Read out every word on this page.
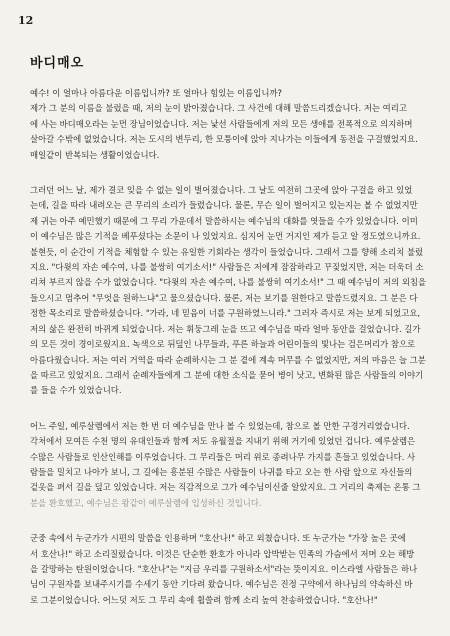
12
바디매오

예수! 이 얼마나 아름다운 이름입니까? 또 얼마나 힘있는 이름입니까?
제가 그 분의 이름을 불렀을 때, 저의 눈이 밝아졌습니다. 그 사건에 대해 말씀드리겠습니다. 저는 여리고
에 사는 바디매오라는 눈먼 장님이었습니다. 저는 낯선 사람들에게 저의 모든 생애를 전폭적으로 의지하며
살아갈 수밖에 없었습니다. 저는 도시의 변두리, 한 모퉁이에 앉아 지나가는 이들에게 동전을 구걸했었지요.
매일같이 반복되는 생활이었습니다.

그러던 어느 날, 제가 결코 잊을 수 없는 일이 벌어졌습니다. 그 날도 여전히 그곳에 앉아 구걸을 하고 있었
는데, 길을 따라 내려오는 큰 무리의 소리가 들렸습니다. 물론, 무슨 일이 벌어지고 있는지는 볼 수 없었지만
제 귀는 아주 예민했기 때문에 그 무리 가운데서 말씀하시는 예수님의 대화를 엿들을 수가 있었습니다. 이미
이 예수님은 많은 기적을 베푸셨다는 소문이 나 있었지요. 심지어 눈먼 거지인 제가 듣고 알 정도였으니까요.
불현듯, 이 순간이 기적을 체험할 수 있는 유일한 기회라는 생각이 들었습니다. 그래서 그를 향해 소리치 불렀
지요. "다윗의 자손 예수여, 나를 불쌍히 여기소서!" 사람들은 저에게 잠잠하라고 꾸짖었지만, 저는 더욱더 소
리쳐 부르지 않을 수가 없었습니다. "다윗의 자손 예수여, 나를 불쌍히 여기소서!" 그 때 예수님이 저의 외침을
들으시고 멈추어 "무엇을 원하느냐"고 물으셨습니다. 물론, 저는 보기를 원한다고 말씀드렸지요. 그 분은 다
정한 목소리로 말씀하셨습니다. "가라, 네 믿음이 너를 구원하였느니라." 그러자 즉시로 저는 보게 되었고요,
저의 삶은 완전히 바뀌게 되었습니다. 저는 휘둥그레 눈을 뜨고 예수님을 따라 얼마 동안을 걸었습니다. 길가
의 모든 것이 경이로웠지요. 녹색으로 뒤덮인 나무들과, 푸른 하늘과 어린이들의 빛나는 검은머리가 참으로
아름다웠습니다. 저는 여러 거역을 따라 순례하시는 그 분 곁에 계속 머무를 수 없었지만, 저의 마음은 늘 그분
을 따르고 있었지요. 그래서 순례자들에게 그 분에 대한 소식을 묻어 병이 낫고, 변화된 많은 사람들의 이야기
를 들을 수가 있었습니다.

어느 주일, 예루살렘에서 저는 한 번 더 예수님을 만나 볼 수 있었는데, 참으로 볼 만한 구경거리였습니다.
각처에서 모여든 수천 명의 유대인들과 함께 저도 유월절을 지내기 위해 거기에 있었던 겁니다. 예루살렘은
수많은 사람들로 인산인해를 이루었습니다. 그 무리들은 머리 위로 종려나무 가지를 흔들고 있었습니다. 사
람들을 밀치고 나아가 보니, 그 길에는 흥분된 수많은 사람들이 나귀를 타고 오는 한 사람 앞으로 자신들의
겉옷을 펴서 길을 덮고 있었습니다. 저는 직감적으로 그가 예수님이신줄 알았지요. 그 거리의 축제는 온통 그
분을 환호했고, 예수님은 왕같이 예루살렘에 입성하신 것입니다.

군중 속에서 누군가가 시편의 말씀을 인용하며 "호산나!" 하고 외쳤습니다. 또 누군가는 "가장 높은 곳에
서 호산나!" 하고 소리질렀습니다. 이것은 단순한 환호가 아니라 압박받는 민족의 가슴에서 저며 오는 해방
을 갈망하는 탄원이었습니다. "호산나"는 "지금 우리를 구원하소서"라는 뜻이지요. 이스라엘 사람들은 하나
님이 구원자를 보내주시기를 수세기 동안 기다려 왔습니다. 예수님은 진정 구약에서 하나님의 약속하신 바
로 그분이었습니다. 어느덧 저도 그 무리 속에 휩쓸려 함께 소리 높여 찬송하였습니다. "호산나!"
